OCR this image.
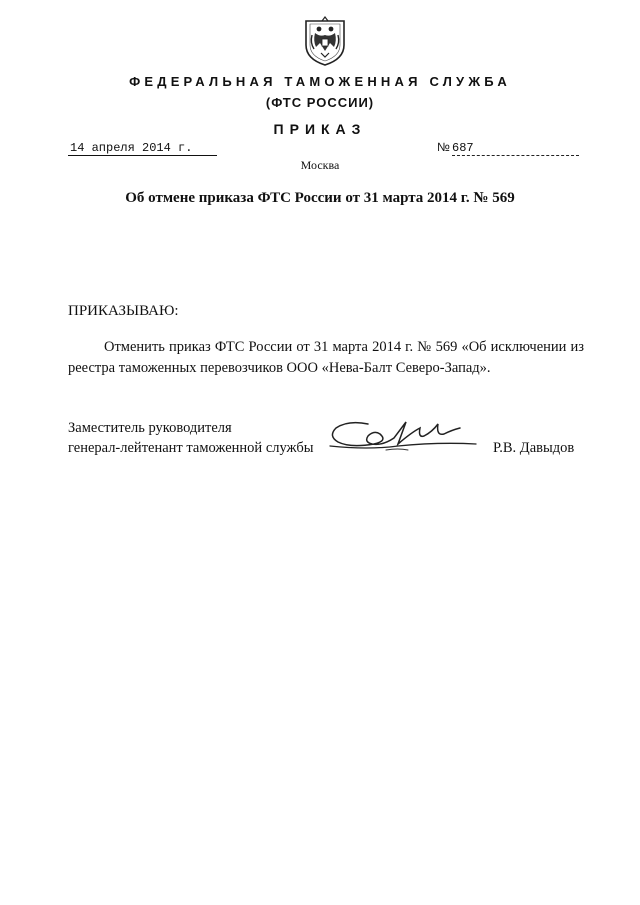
ФЕДЕРАЛЬНАЯ ТАМОЖЕННАЯ СЛУЖБА
(ФТС РОССИИ)
ПРИКАЗ
14 апреля 2014 г.	№ 687
Москва
Об отмене приказа ФТС России от 31 марта 2014 г. № 569
ПРИКАЗЫВАЮ:
Отменить приказ ФТС России от 31 марта 2014 г. № 569 «Об исключении из реестра таможенных перевозчиков ООО «Нева-Балт Северо-Запад».
Заместитель руководителя
генерал-лейтенант таможенной службы	Р.В. Давыдов
